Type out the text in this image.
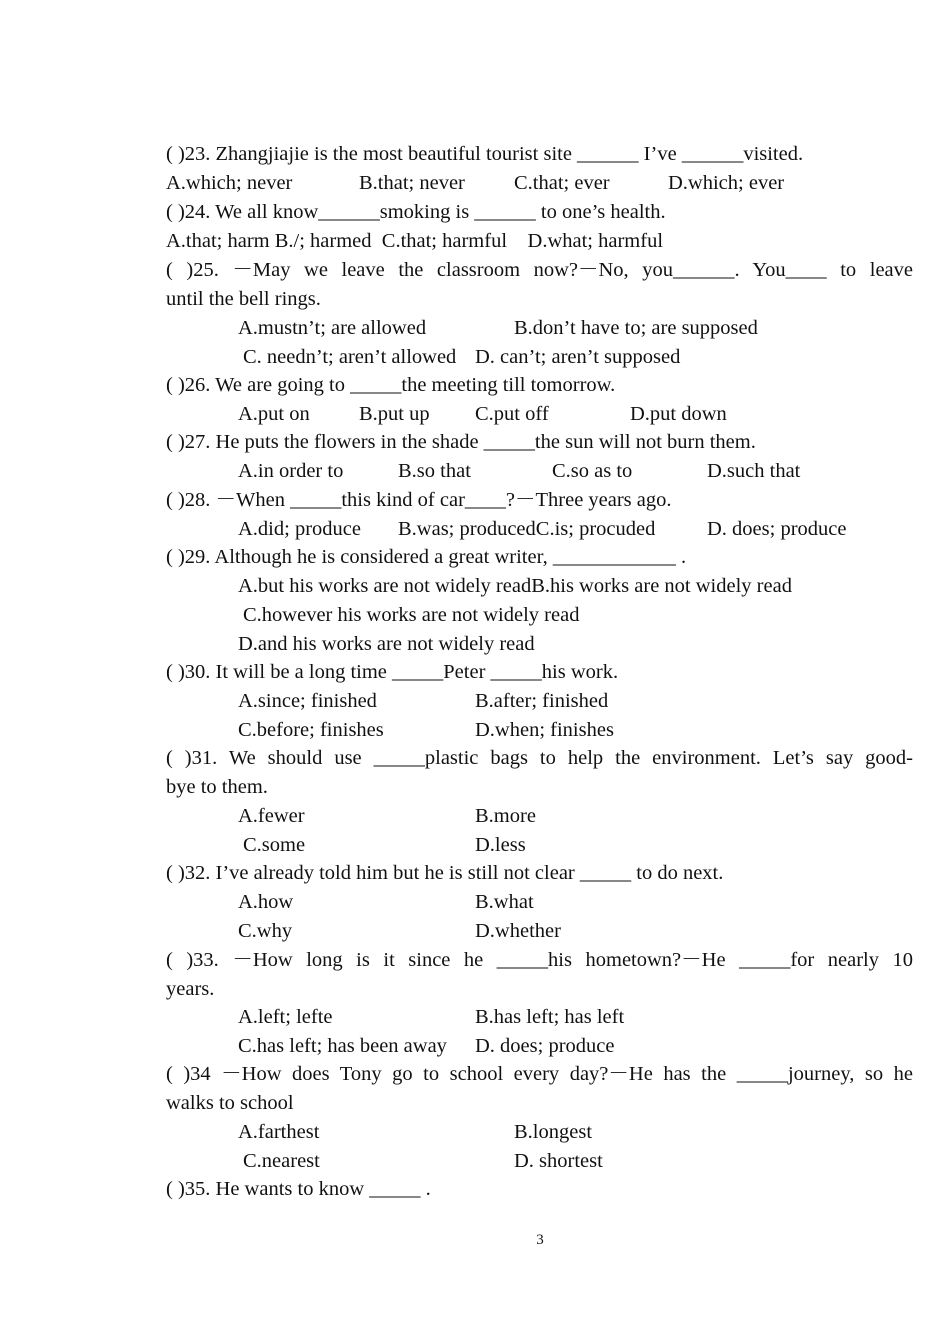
( )23. Zhangjiajie is the most beautiful tourist site ______ I’ve ______visited.
A.which; never	B.that; never C.that; ever	D.which; ever
( )24. We all know______smoking is ______ to one’s health.
A.that; harm B./; harmed  C.that; harmful    D.what; harmful
( )25. －May we leave the classroom now?－No, you______. You____ to leave
until the bell rings.
A.mustn’t; are allowed	B.don’t have to; are supposed
C. needn’t; aren’t allowed D. can’t; aren’t supposed
( )26. We are going to _____the meeting till tomorrow.
A.put on B.put up C.put off	D.put down
( )27. He puts the flowers in the shade _____the sun will not burn them.
A.in order to	B.so that	C.so as to	D.such that
( )28. －When _____this kind of car____?－Three years ago.
A.did; produce B.was; producedC.is; procuded	D. does; produce
( )29. Although he is considered a great writer, ____________ .
A.but his works are not widely readB.his works are not widely read
C.however his works are not widely read
D.and his works are not widely read
( )30. It will be a long time _____Peter _____his work.
A.since; finished	B.after; finished
C.before; finishes	D.when; finishes
( )31. We should use _____plastic bags to help the environment. Let’s say good-
bye to them.
A.fewer	B.more
C.some	D.less
( )32. I’ve already told him but he is still not clear _____ to do next.
A.how	B.what
C.why	D.whether
( )33. －How long is it since he _____his hometown?－He _____for nearly 10
years.
A.left; lefte	B.has left; has left
C.has left; has been away D. does; produce
( )34 －How does Tony go to school every day?－He has the _____journey, so he
walks to school
A.farthest	B.longest
C.nearest	D. shortest
( )35. He wants to know _____ .
3
